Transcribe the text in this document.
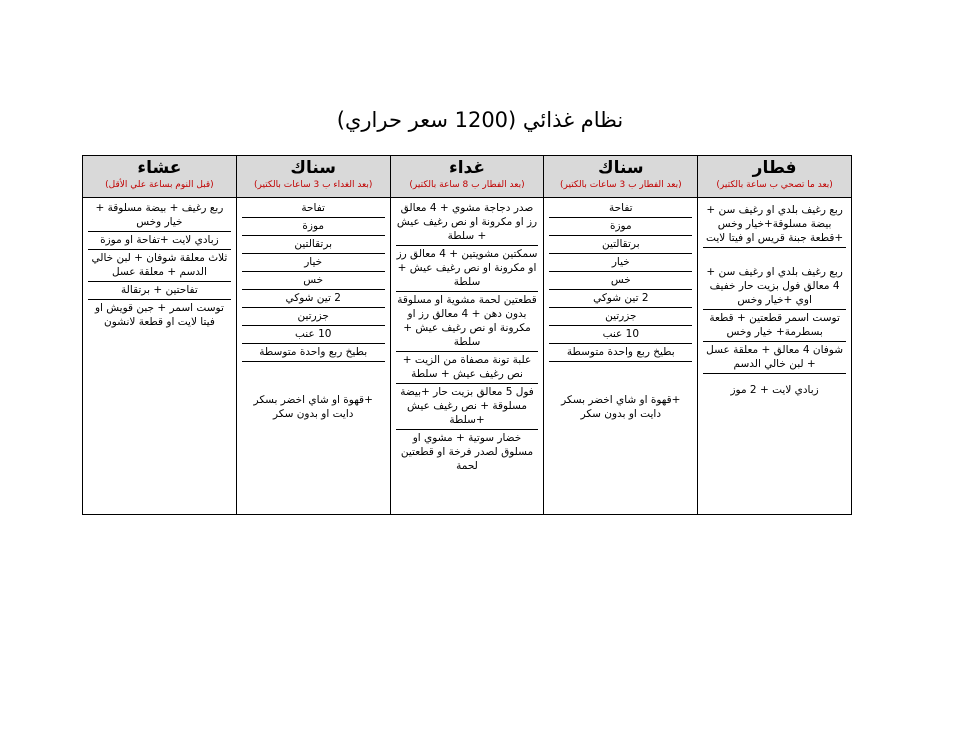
نظام غذائي (1200 سعر حراري)
فطار
(بعد ما تصحي ب ساعة بالكتير)
ربع رغيف بلدي او رغيف سن + بيضة مسلوقة+خيار وخس +قطعة جبنة قريس او فيتا لايت
ربع رغيف بلدي او رغيف سن + 4 معالق فول بزيت حار خفيف اوي +خيار وخس
توست اسمر قطعتين + قطعة بسطرمة+ خيار وخس
شوفان 4 معالق + معلقة عسل + لبن خالي الدسم
زبادي لايت + 2 موز
سناك
(بعد الفطار ب 3 ساعات بالكتير)
تفاحة
موزة
برتقالتين
خيار
خس
2 تين شوكي
جزرتين
10 عنب
بطيخ ربع واحدة متوسطة
+قهوة او شاي اخضر بسكر دايت او بدون سكر
غداء
(بعد الفطار ب 8 ساعة بالكتير)
صدر دجاجة مشوي + 4 معالق رز او مكرونة او نص رغيف عيش + سلطة
سمكتين مشويتين + 4 معالق رز او مكرونة او نص رغيف عيش + سلطة
قطعتين لحمة مشوية او مسلوقة بدون دهن + 4 معالق رز او مكرونة او نص رغيف عيش + سلطة
علبة تونة مصفاة من الزيت + نص رغيف عيش + سلطة
فول 5 معالق بزيت حار +بيضة مسلوقة + نص رغيف عيش +سلطة
خضار سوتية + مشوي او مسلوق لصدر فرخة او قطعتين لحمة
سناك
(بعد الغداء ب 3 ساعات بالكتير)
تفاحة
موزة
برتقالتين
خيار
خس
2 تين شوكي
جزرتين
10 عنب
بطيخ ربع واحدة متوسطة
+قهوة او شاي اخضر بسكر دايت او بدون سكر
عشاء
(قبل النوم بساعة علي الأقل)
ربع رغيف + بيضة مسلوقة + خيار وخس
زبادي لايت +تفاحة او موزة
ثلاث معلقة شوفان + لبن خالي الدسم + معلقة عسل
تفاحتين + برتقالة
توست اسمر + جبن قويش او فيتا لايت او قطعة لانشون
